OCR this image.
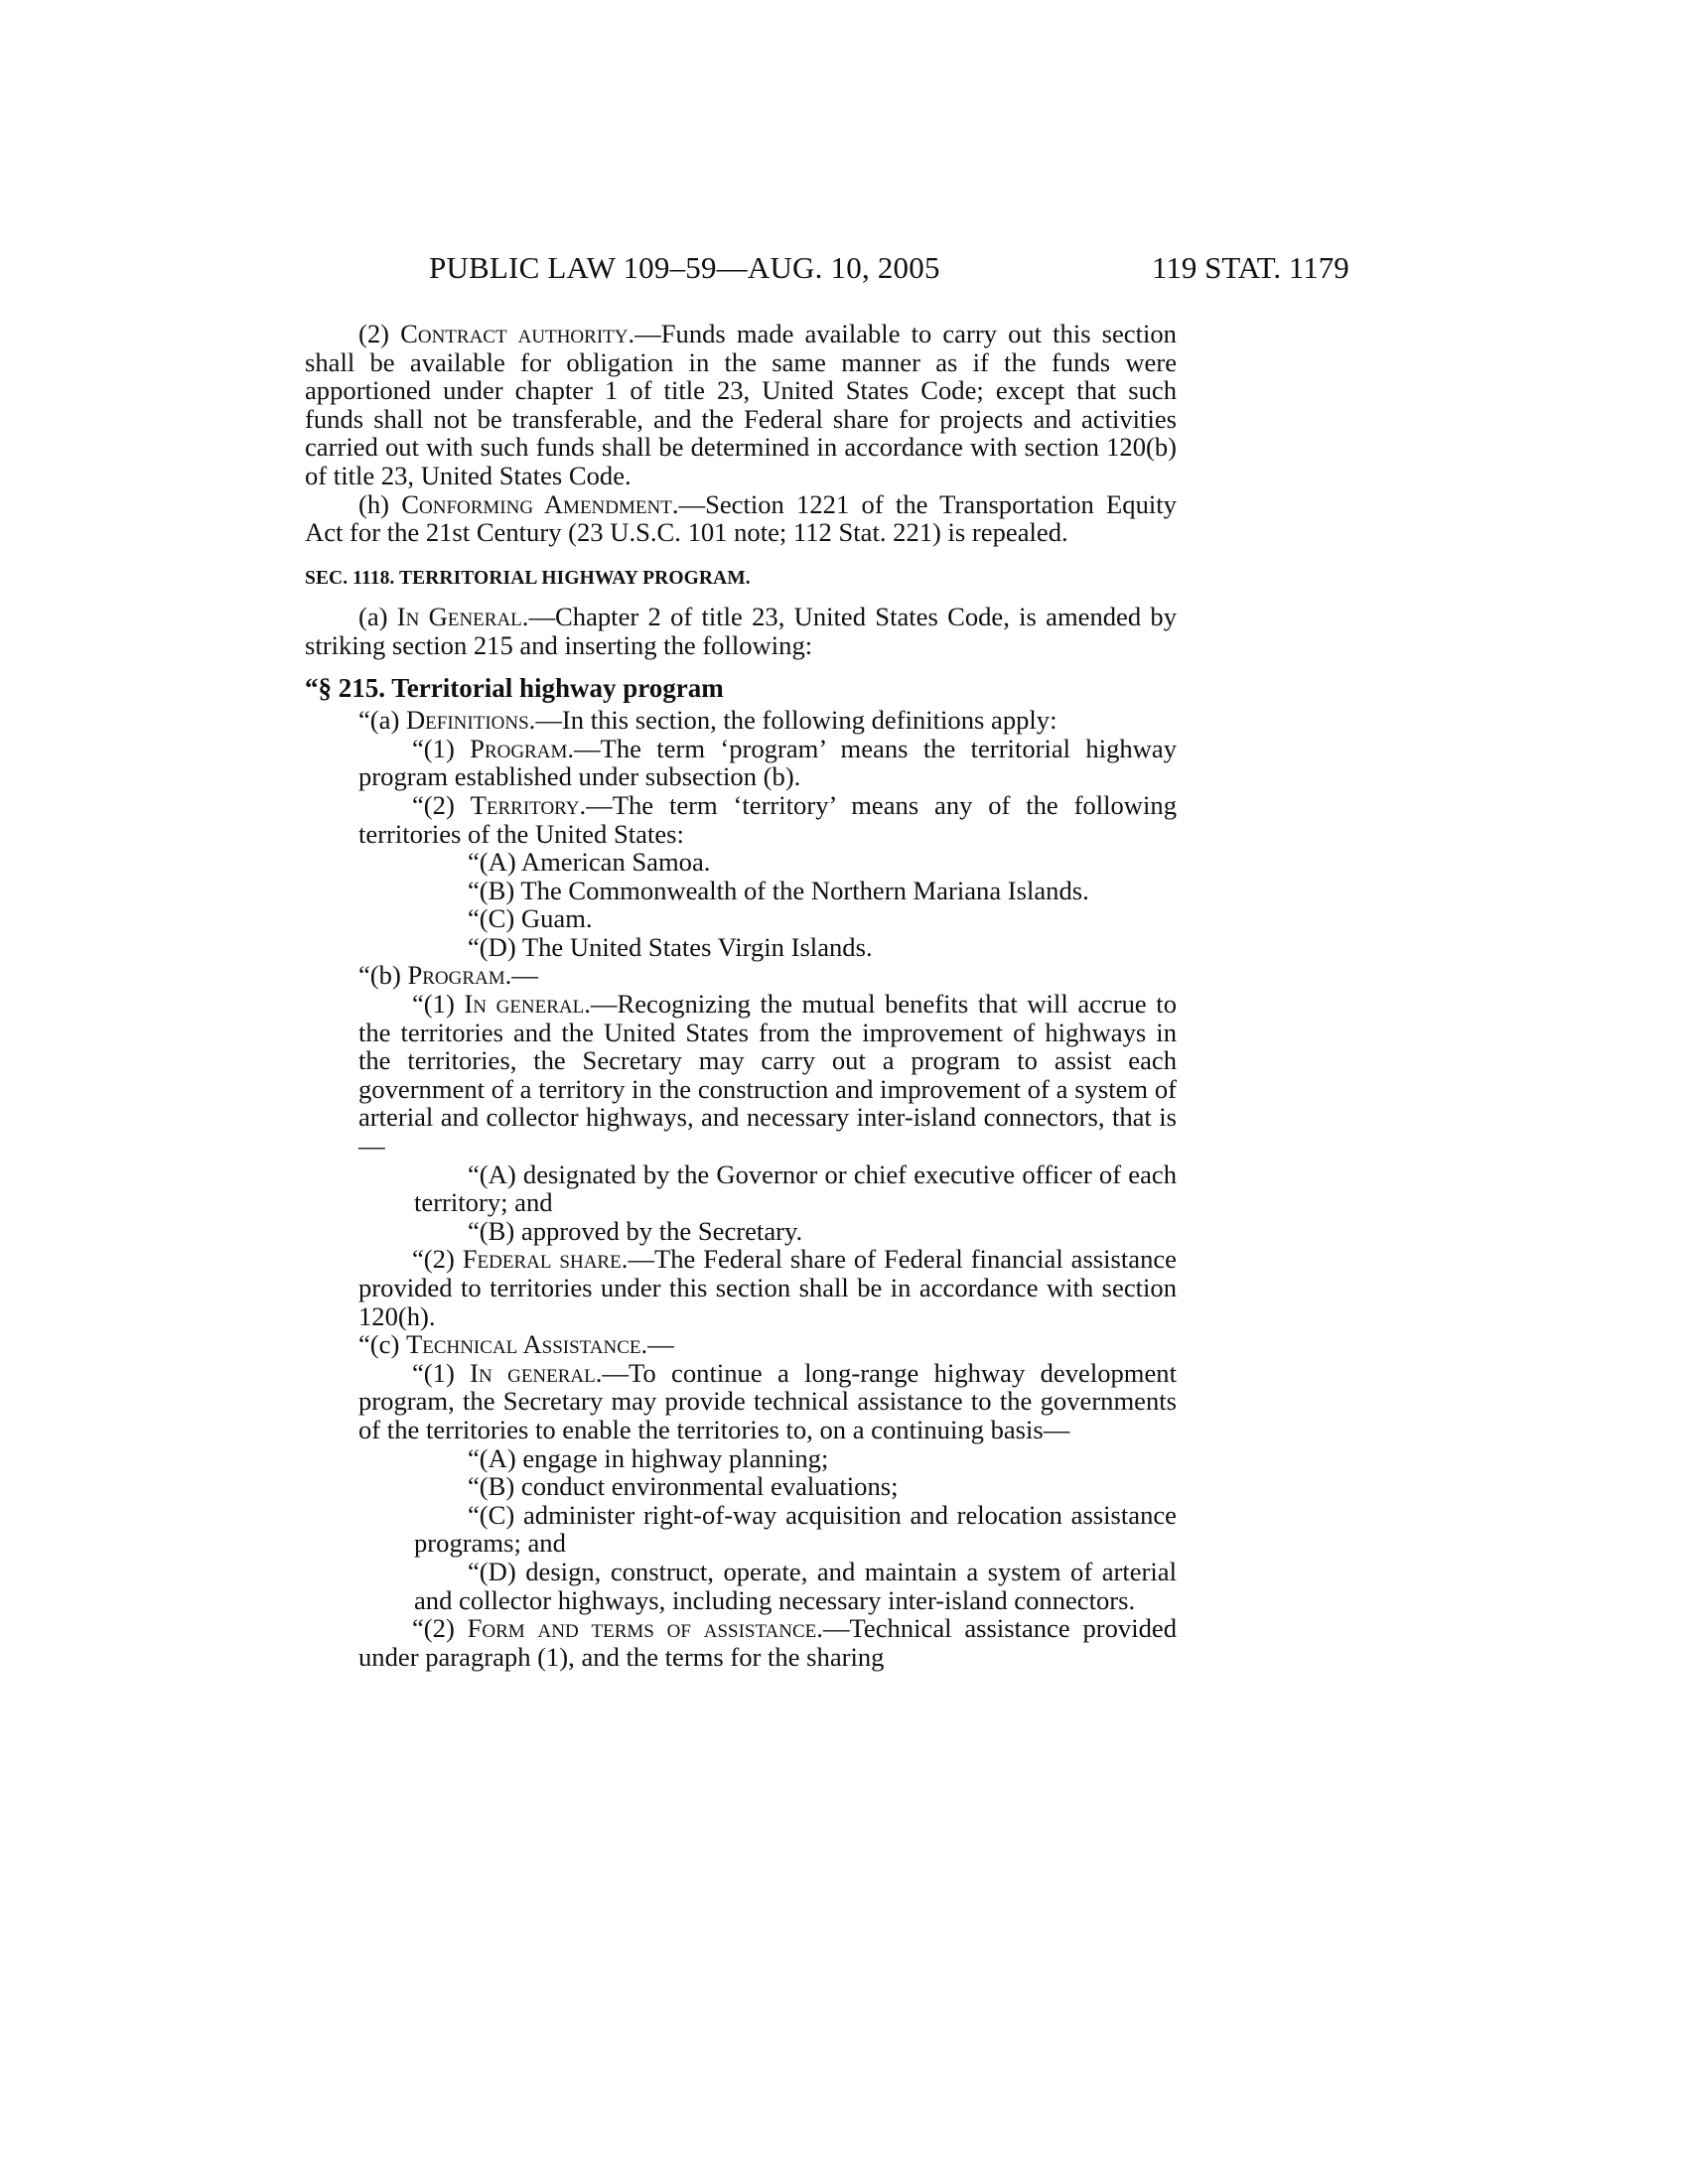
PUBLIC LAW 109–59—AUG. 10, 2005	119 STAT. 1179

(2) Contract authority.—Funds made available to carry out this section shall be available for obligation in the same manner as if the funds were apportioned under chapter 1 of title 23, United States Code; except that such funds shall not be transferable, and the Federal share for projects and activities carried out with such funds shall be determined in accordance with section 120(b) of title 23, United States Code.

(h) Conforming Amendment.—Section 1221 of the Transportation Equity Act for the 21st Century (23 U.S.C. 101 note; 112 Stat. 221) is repealed.

SEC. 1118. TERRITORIAL HIGHWAY PROGRAM.

(a) In General.—Chapter 2 of title 23, United States Code, is amended by striking section 215 and inserting the following:

“§ 215. Territorial highway program

“(a) Definitions.—In this section, the following definitions apply:

“(1) Program.—The term ‘program’ means the territorial highway program established under subsection (b).

“(2) Territory.—The term ‘territory’ means any of the following territories of the United States:

“(A) American Samoa.

“(B) The Commonwealth of the Northern Mariana Islands.

“(C) Guam.

“(D) The United States Virgin Islands.

“(b) Program.—

“(1) In general.—Recognizing the mutual benefits that will accrue to the territories and the United States from the improvement of highways in the territories, the Secretary may carry out a program to assist each government of a territory in the construction and improvement of a system of arterial and collector highways, and necessary inter-island connectors, that is—

“(A) designated by the Governor or chief executive officer of each territory; and

“(B) approved by the Secretary.

“(2) Federal share.—The Federal share of Federal financial assistance provided to territories under this section shall be in accordance with section 120(h).

“(c) Technical Assistance.—

“(1) In general.—To continue a long-range highway development program, the Secretary may provide technical assistance to the governments of the territories to enable the territories to, on a continuing basis—

“(A) engage in highway planning;

“(B) conduct environmental evaluations;

“(C) administer right-of-way acquisition and relocation assistance programs; and

“(D) design, construct, operate, and maintain a system of arterial and collector highways, including necessary inter-island connectors.

“(2) Form and terms of assistance.—Technical assistance provided under paragraph (1), and the terms for the sharing
